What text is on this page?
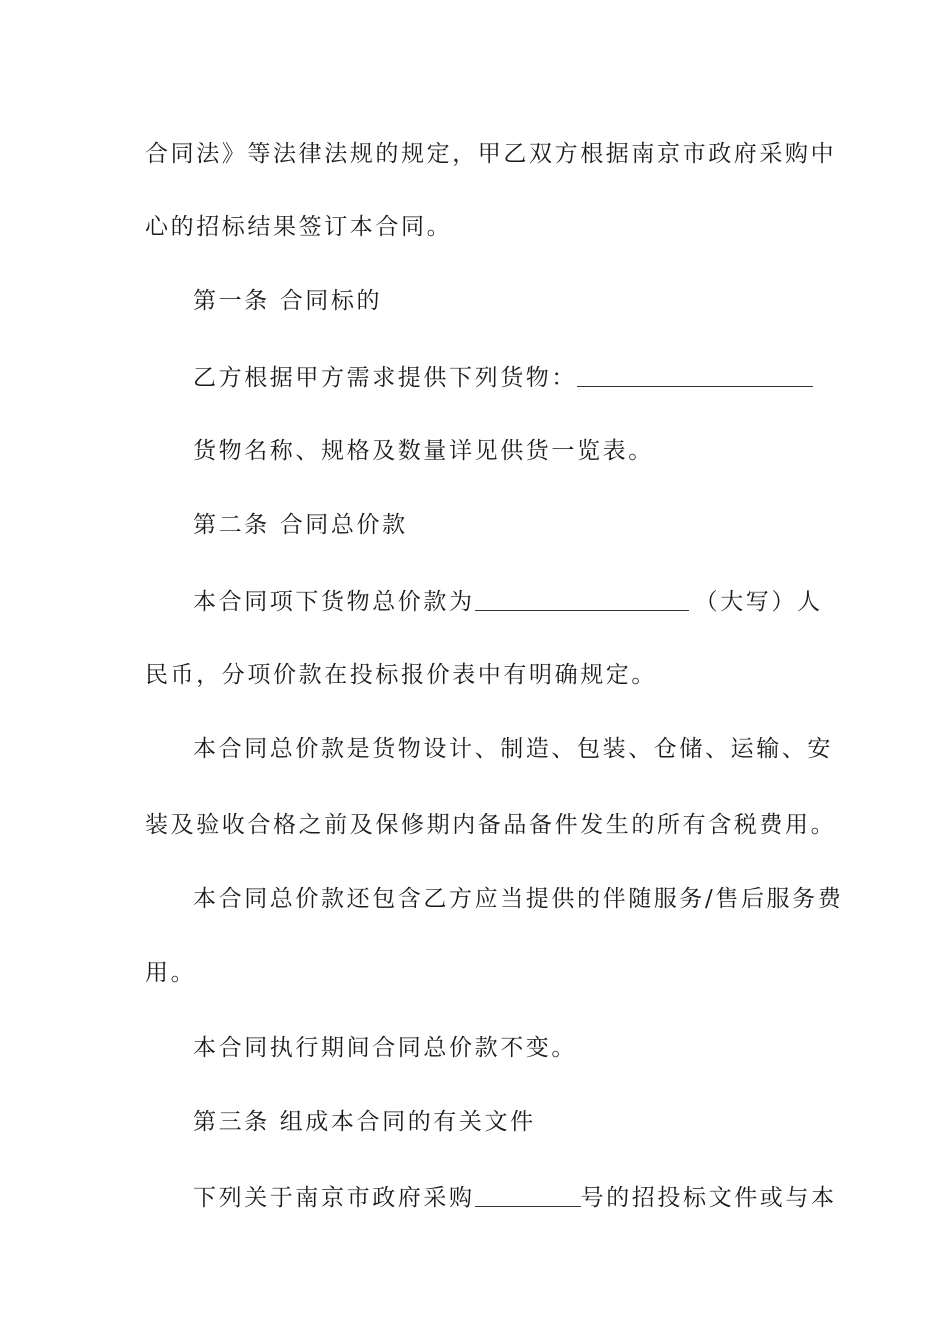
合同法》等法律法规的规定，甲乙双方根据南京市政府采购中
心的招标结果签订本合同。
第一条 合同标的
乙方根据甲方需求提供下列货物：
货物名称、规格及数量详见供货一览表。
第二条 合同总价款
本合同项下货物总价款为	（大写）人
民币，分项价款在投标报价表中有明确规定。
本合同总价款是货物设计、制造、包装、仓储、运输、安
装及验收合格之前及保修期内备品备件发生的所有含税费用。
本合同总价款还包含乙方应当提供的伴随服务/售后服务费
用。
本合同执行期间合同总价款不变。
第三条 组成本合同的有关文件
下列关于南京市政府采购	号的招投标文件或与本
